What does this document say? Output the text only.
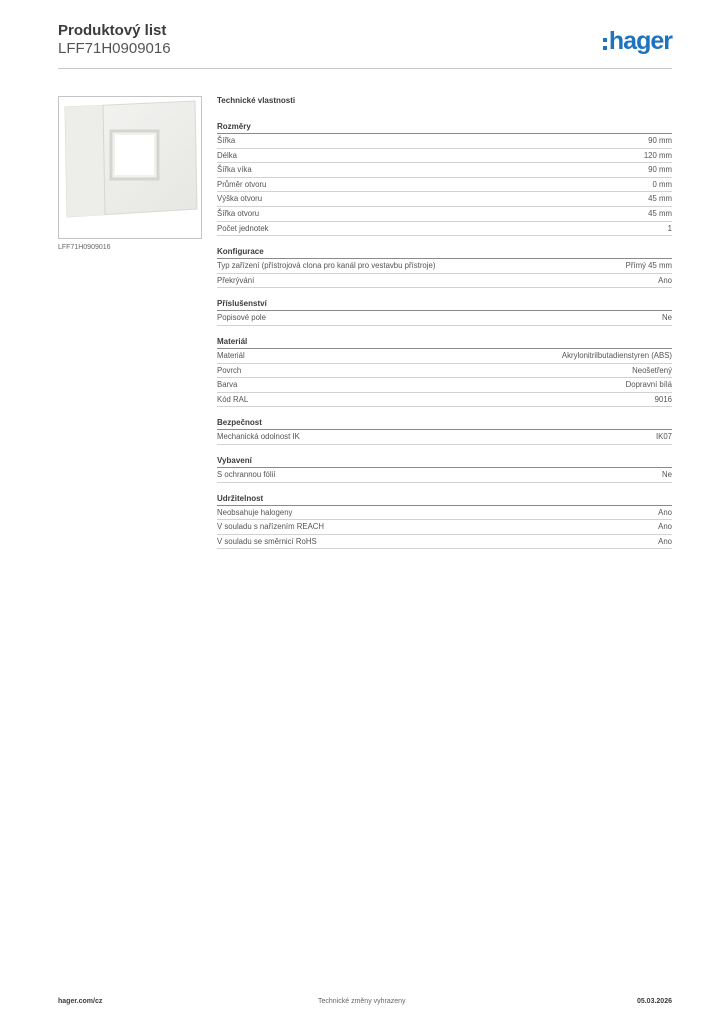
Produktový list
LFF71H0909016	hager
LFF71H0909016
Technické vlastnosti
Rozměry
Šířka	90 mm
Délka	120 mm
Šířka víka	90 mm
Průměr otvoru	0 mm
Výška otvoru	45 mm
Šířka otvoru	45 mm
Počet jednotek	1
Konfigurace
Typ zařízení (přístrojová clona pro kanál pro vestavbu přístroje)	Přímý 45 mm
Překrývání	Ano
Příslušenství
Popisové pole	Ne
Materiál
Materiál	Akrylonitrilbutadienstyren (ABS)
Povrch	Neošetřený
Barva	Dopravní bílá
Kód RAL	9016
Bezpečnost
Mechanická odolnost IK	IK07
Vybavení
S ochrannou fólií	Ne
Udržitelnost
Neobsahuje halogeny	Ano
V souladu s nařízením REACH	Ano
V souladu se směrnicí RoHS	Ano
hager.com/cz	Technické změny vyhrazeny	05.03.2026
